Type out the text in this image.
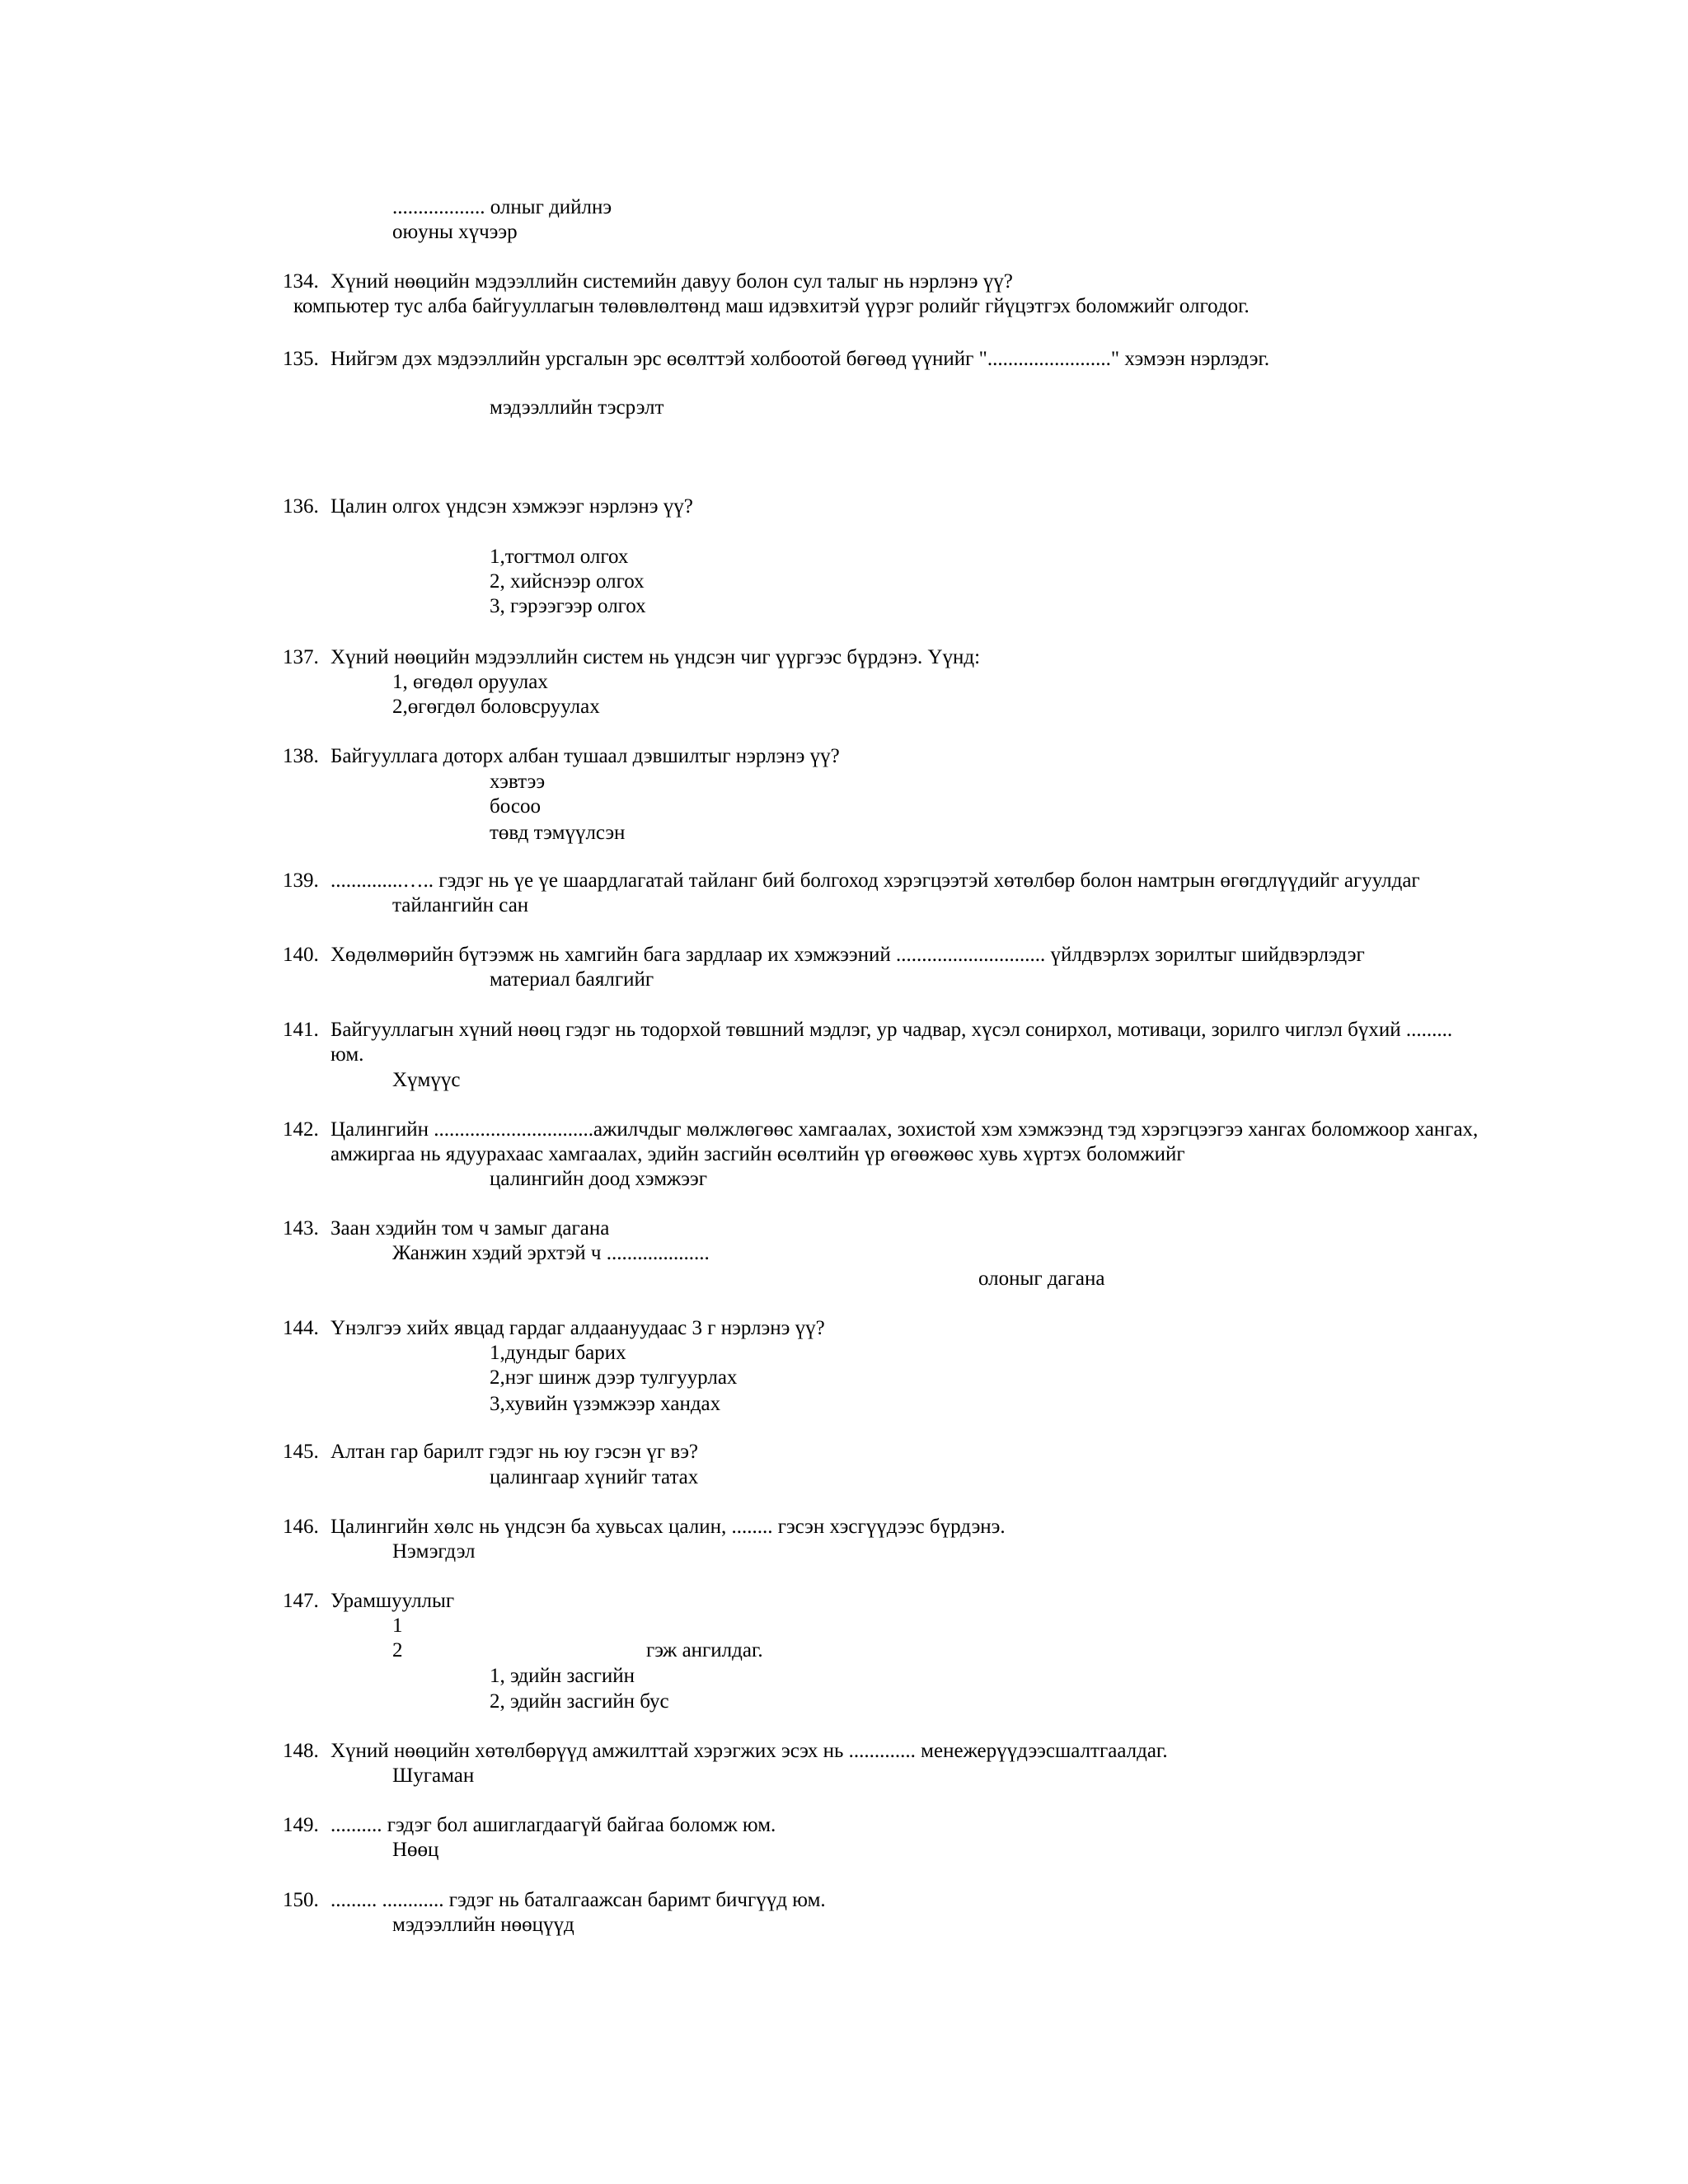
.................. олныг дийлнэ
оюуны хүчээр
134. Хүний нөөцийн мэдээллийн системийн давуу болон сул талыг нь нэрлэнэ үү?
компьютер тус алба байгууллагын төлөвлөлтөнд маш идэвхитэй үүрэг ролийг гйүцэтгэх боломжийг олгодог.
135. Нийгэм дэх мэдээллийн урсгалын эрс өсөлттэй холбоотой бөгөөд үүнийг "........................" хэмээн нэрлэдэг.
мэдээллийн тэсрэлт
136. Цалин олгох үндсэн хэмжээг нэрлэнэ үү?
1,тогтмол олгох
2, хийснээр олгох
3, гэрээгээр олгох
137. Хүний нөөцийн мэдээллийн систем нь үндсэн чиг үүргээс бүрдэнэ. Үүнд:
1, өгөдөл оруулах
2,өгөгдөл боловсруулах
138. Байгууллага доторх албан тушаал дэвшилтыг нэрлэнэ үү?
хэвтээ
босоо
төвд тэмүүлсэн
139. ..............….. гэдэг нь үе үе шаардлагатай тайланг бий болгоход хэрэгцээтэй хөтөлбөр болон намтрын өгөгдлүүдийг агуулдаг
тайлангийн сан
140. Хөдөлмөрийн бүтээмж нь хамгийн бага зардлаар их хэмжээний ............................. үйлдвэрлэх зорилтыг шийдвэрлэдэг
материал баялгийг
141. Байгууллагын хүний нөөц гэдэг нь тодорхой төвшний мэдлэг, ур чадвар, хүсэл сонирхол, мотиваци, зорилго чиглэл бүхий .........
юм.
Хүмүүс
142. Цалингийн ...............................ажилчдыг мөлжлөгөөс хамгаалах, зохистой хэм хэмжээнд тэд хэрэгцээгээ хангах боломжоор хангах,
амжиргаа нь ядуурахаас хамгаалах, эдийн засгийн өсөлтийн үр өгөөжөөс хувь хүртэх боломжийг
цалингийн доод хэмжээг
143. Заан хэдийн том ч замыг дагана
Жанжин хэдий эрхтэй ч ....................
олоныг дагана
144. Үнэлгээ хийх явцад гардаг алдаануудаас 3 г нэрлэнэ үү?
1,дундыг барих
2,нэг шинж дээр тулгуурлах
3,хувийн үзэмжээр хандах
145. Алтан гар барилт гэдэг нь юу гэсэн үг вэ?
цалингаар хүнийг татах
146. Цалингийн хөлс нь үндсэн ба хувьсах цалин, ........ гэсэн хэсгүүдээс бүрдэнэ.
Нэмэгдэл
147. Урамшууллыг
1
2	гэж ангилдаг.
1, эдийн засгийн
2, эдийн засгийн бус
148. Хүний нөөцийн хөтөлбөрүүд амжилттай хэрэгжих эсэх нь ............. менежерүүдээсшалтгаалдаг.
Шугаман
149. .......... гэдэг бол ашиглагдаагүй байгаа боломж юм.
Нөөц
150. ......... ............ гэдэг нь баталгаажсан баримт бичгүүд юм.
мэдээллийн нөөцүүд
